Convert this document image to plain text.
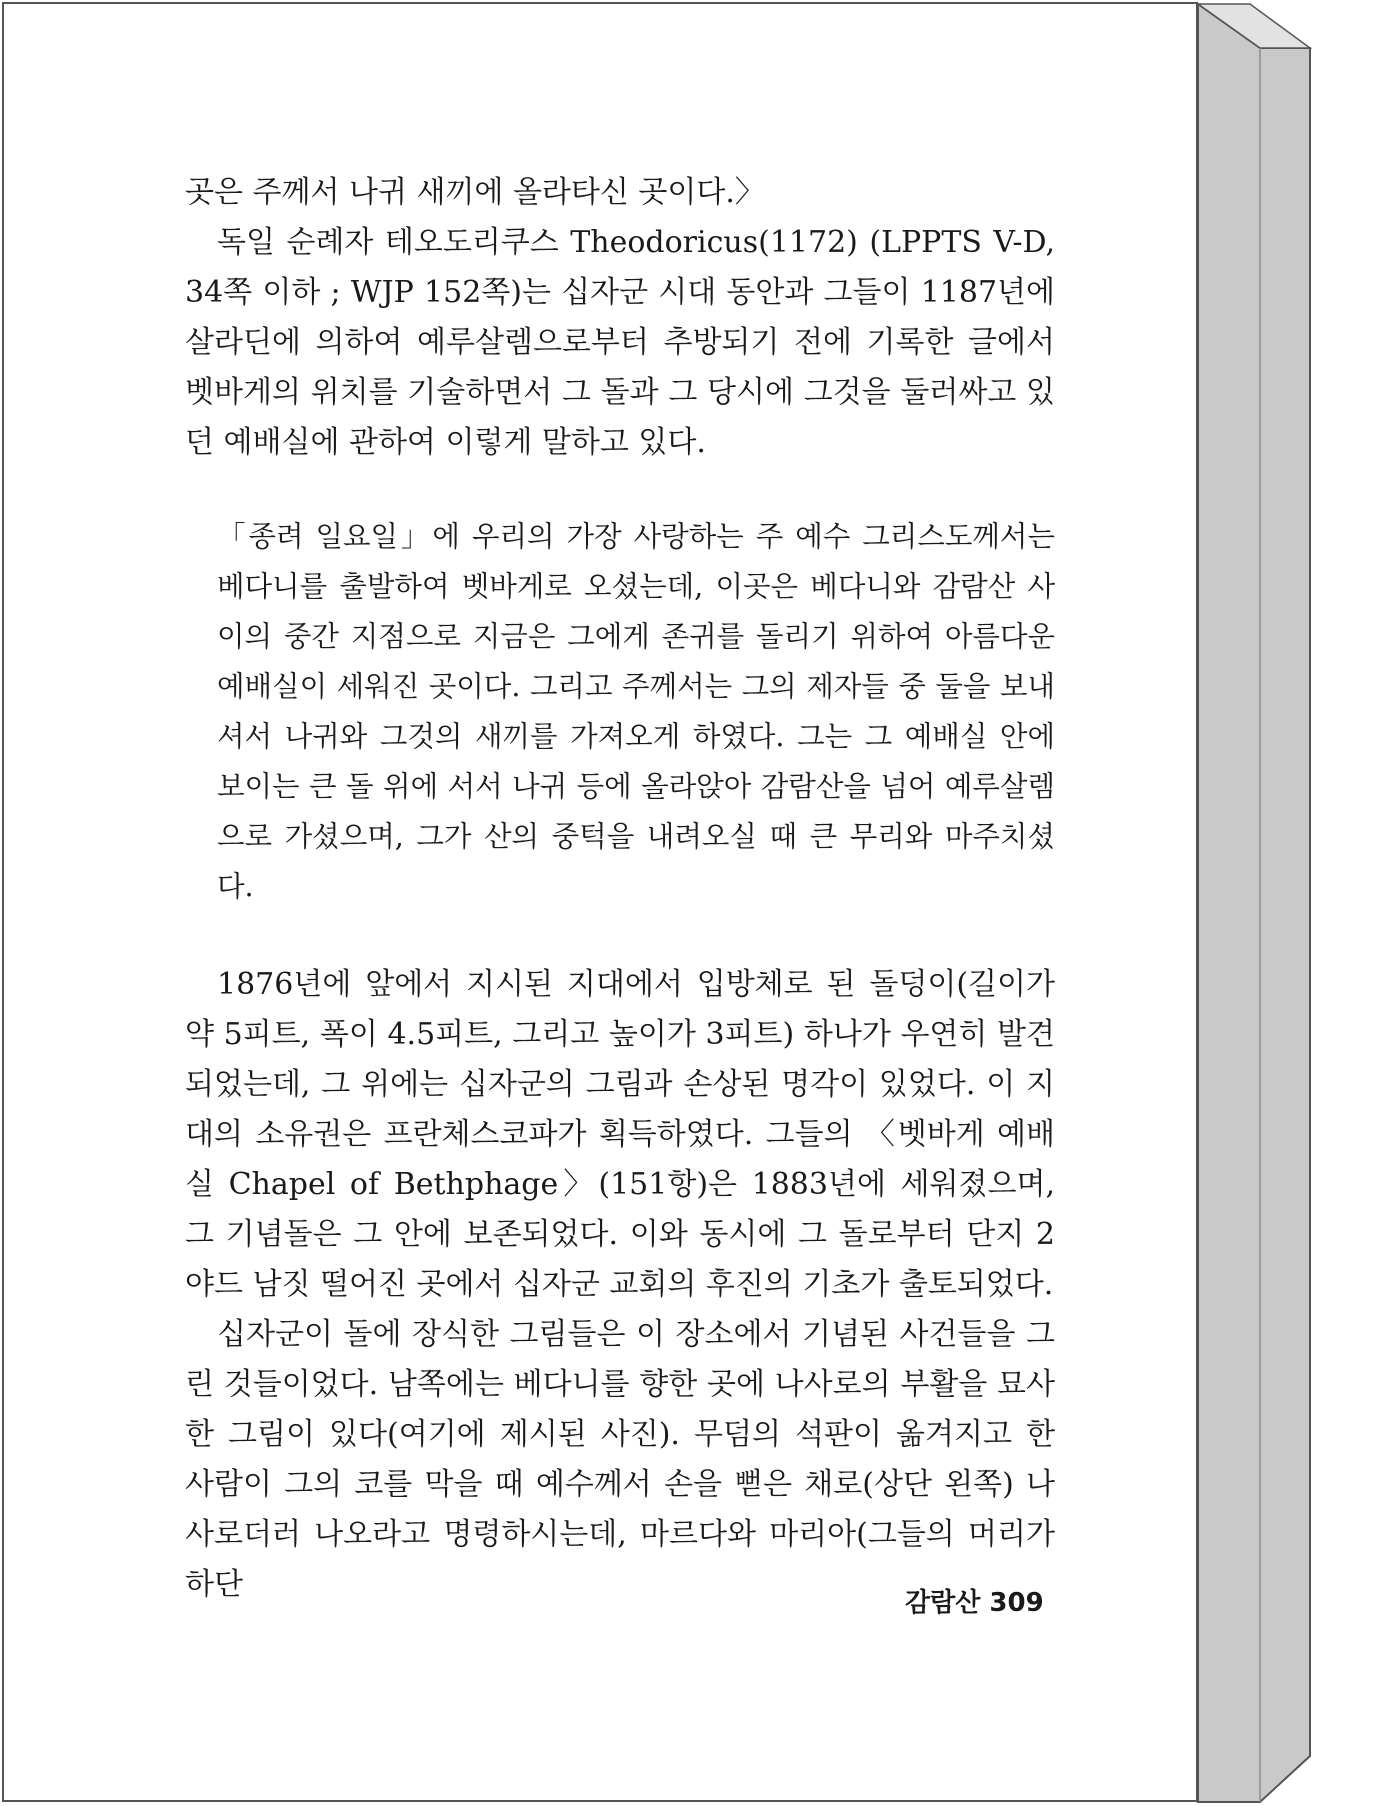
곳은 주께서 나귀 새끼에 올라타신 곳이다.〉

독일 순례자 테오도리쿠스 Theodoricus(1172) (LPPTS V-D, 34쪽 이하 ; WJP 152쪽)는 십자군 시대 동안과 그들이 1187년에 살라딘에 의하여 예루살렘으로부터 추방되기 전에 기록한 글에서 벳바게의 위치를 기술하면서 그 돌과 그 당시에 그것을 둘러싸고 있던 예배실에 관하여 이렇게 말하고 있다.

「종려 일요일」에 우리의 가장 사랑하는 주 예수 그리스도께서는 베다니를 출발하여 벳바게로 오셨는데, 이곳은 베다니와 감람산 사이의 중간 지점으로 지금은 그에게 존귀를 돌리기 위하여 아름다운 예배실이 세워진 곳이다. 그리고 주께서는 그의 제자들 중 둘을 보내셔서 나귀와 그것의 새끼를 가져오게 하였다. 그는 그 예배실 안에 보이는 큰 돌 위에 서서 나귀 등에 올라앉아 감람산을 넘어 예루살렘으로 가셨으며, 그가 산의 중턱을 내려오실 때 큰 무리와 마주치셨다.

1876년에 앞에서 지시된 지대에서 입방체로 된 돌덩이(길이가 약 5피트, 폭이 4.5피트, 그리고 높이가 3피트) 하나가 우연히 발견되었는데, 그 위에는 십자군의 그림과 손상된 명각이 있었다. 이 지대의 소유권은 프란체스코파가 획득하였다. 그들의 〈벳바게 예배실 Chapel of Bethphage〉(151항)은 1883년에 세워졌으며, 그 기념돌은 그 안에 보존되었다. 이와 동시에 그 돌로부터 단지 2야드 남짓 떨어진 곳에서 십자군 교회의 후진의 기초가 출토되었다.

십자군이 돌에 장식한 그림들은 이 장소에서 기념된 사건들을 그린 것들이었다. 남쪽에는 베다니를 향한 곳에 나사로의 부활을 묘사한 그림이 있다(여기에 제시된 사진). 무덤의 석판이 옮겨지고 한 사람이 그의 코를 막을 때 예수께서 손을 뻗은 채로(상단 왼쪽) 나사로더러 나오라고 명령하시는데, 마르다와 마리아(그들의 머리가 하단

감람산 309
